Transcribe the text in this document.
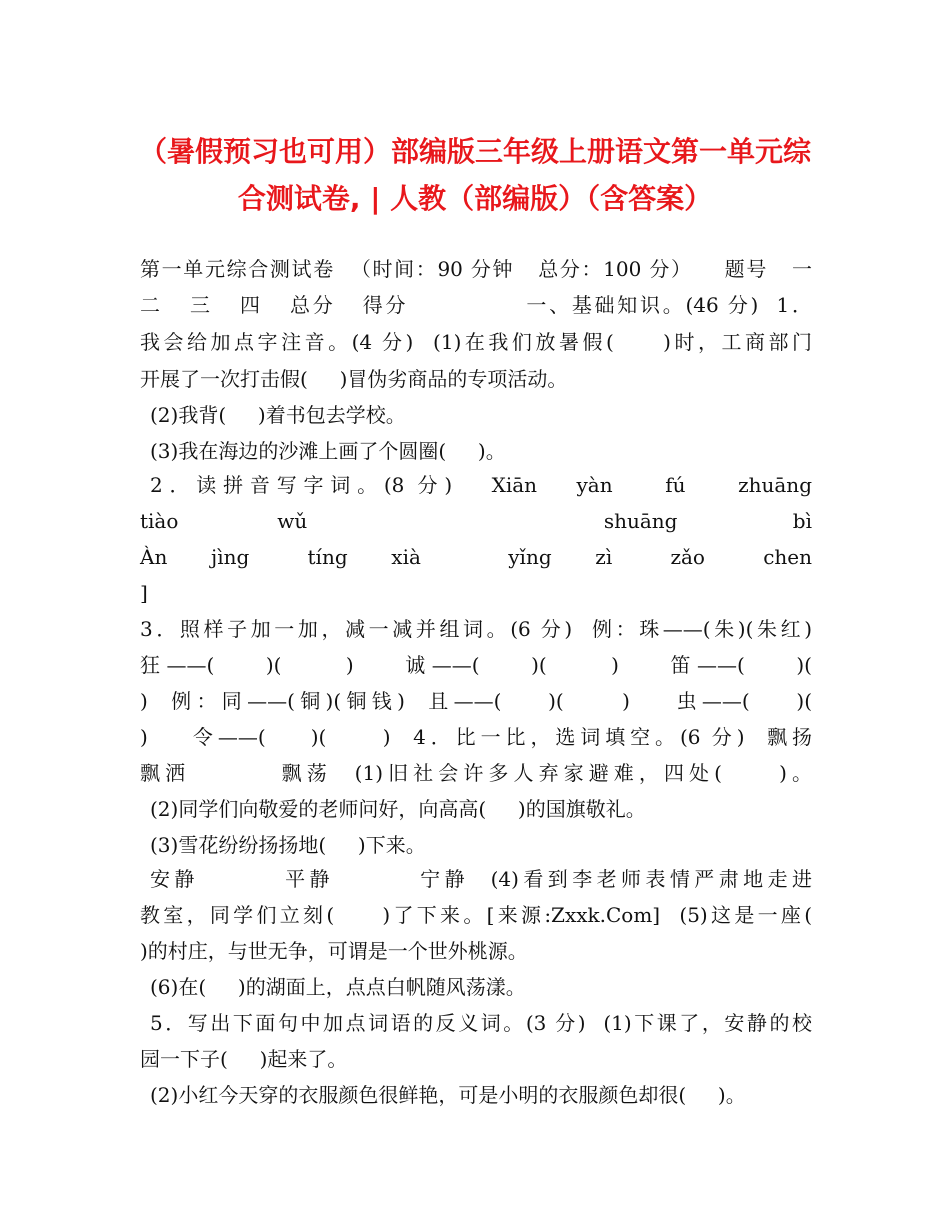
（暑假预习也可用）部编版三年级上册语文第一单元综
合测试卷, | 人教（部编版）（含答案）
第一单元综合测试卷  （时间：90 分钟   总分：100 分）    题号   一
二   三   四   总分   得分             一、基础知识。(46 分)  1．
我会给加点字注音。(4 分)  (1)在我们放暑假(     )时，工商部门
开展了一次打击假(     )冒伪劣商品的专项活动。
(2)我背(     )着书包去学校。
(3)我在海边的沙滩上画了个圆圈(     )。
2．读拼音写字词。(8 分)   Xiān   yàn    fú    zhuāng
tiào      wǔ                  shuāng       bì
Àn   jìng    tíng   xià      yǐng   zì    zǎo    chen
]
3．照样子加一加，减一减并组词。(6 分)  例：珠——(朱)(朱红)
狂——(    )(     )    诚——(    )(     )    笛——(    )(
)  例：同——(铜)(铜钱)  且——(    )(     )    虫——(    )(
)    令——(    )(     )  4．比一比，选词填空。(6 分)  飘扬
飘洒        飘荡  (1)旧社会许多人弃家避难，四处(     )。
(2)同学们向敬爱的老师问好，向高高(     )的国旗敬礼。
(3)雪花纷纷扬扬地(     )下来。
安静        平静        宁静  (4)看到李老师表情严肃地走进
教室，同学们立刻(     )了下来。[来源:Zxxk.Com]  (5)这是一座(
)的村庄，与世无争，可谓是一个世外桃源。
(6)在(     )的湖面上，点点白帆随风荡漾。
5．写出下面句中加点词语的反义词。(3 分)  (1)下课了，安静的校
园一下子(     )起来了。
(2)小红今天穿的衣服颜色很鲜艳，可是小明的衣服颜色却很(     )。
